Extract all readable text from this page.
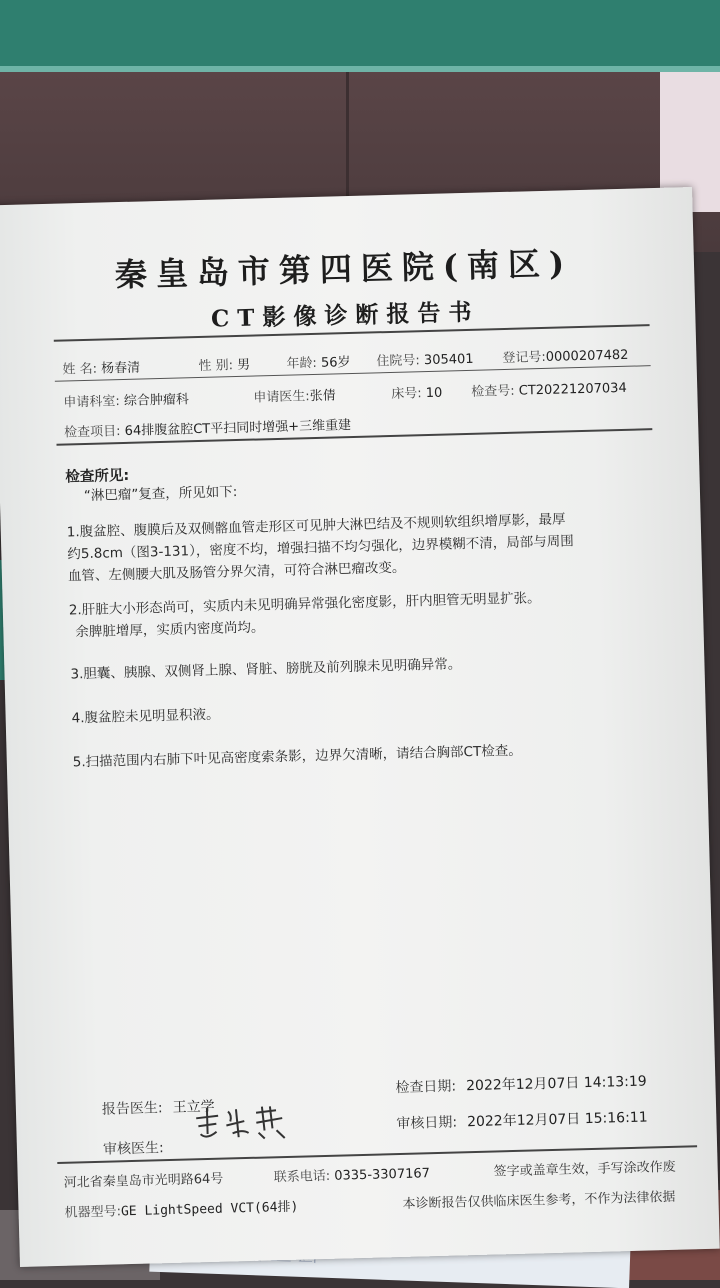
秦皇岛市第四医院(南区)
CT影像诊断报告书
姓 名: 杨春清	性 别: 男	年龄: 56岁 住院号: 305401 登记号:0000207482
申请科室: 综合肿瘤科	申请医生:张倩	床号: 10 检查号: CT20221207034
检查项目: 64排腹盆腔CT平扫同时增强+三维重建
检查所见:
“淋巴瘤”复查，所见如下:

1.腹盆腔、腹膜后及双侧髂血管走形区可见肿大淋巴结及不规则软组织增厚影，最厚

约5.8cm（图3-131），密度不均，增强扫描不均匀强化，边界模糊不清，局部与周围

血管、左侧腰大肌及肠管分界欠清，可符合淋巴瘤改变。

2.肝脏大小形态尚可，实质内未见明确异常强化密度影，肝内胆管无明显扩张。

余脾脏增厚，实质内密度尚均。

3.胆囊、胰腺、双侧肾上腺、肾脏、膀胱及前列腺未见明确异常。
4.腹盆腔未见明显积液。
5.扫描范围内右肺下叶见高密度索条影，边界欠清晰，请结合胸部CT检查。
报告医生: 王立学
检查日期: 2022年12月07日 14:13:19
审核医生:
审核日期: 2022年12月07日 15:16:11
河北省秦皇岛市光明路64号	联系电话: 0335-3307167	签字或盖章生效，手写涂改作废
机器型号:GE LightSpeed VCT(64排)	本诊断报告仅供临床医生参考，不作为法律依据
